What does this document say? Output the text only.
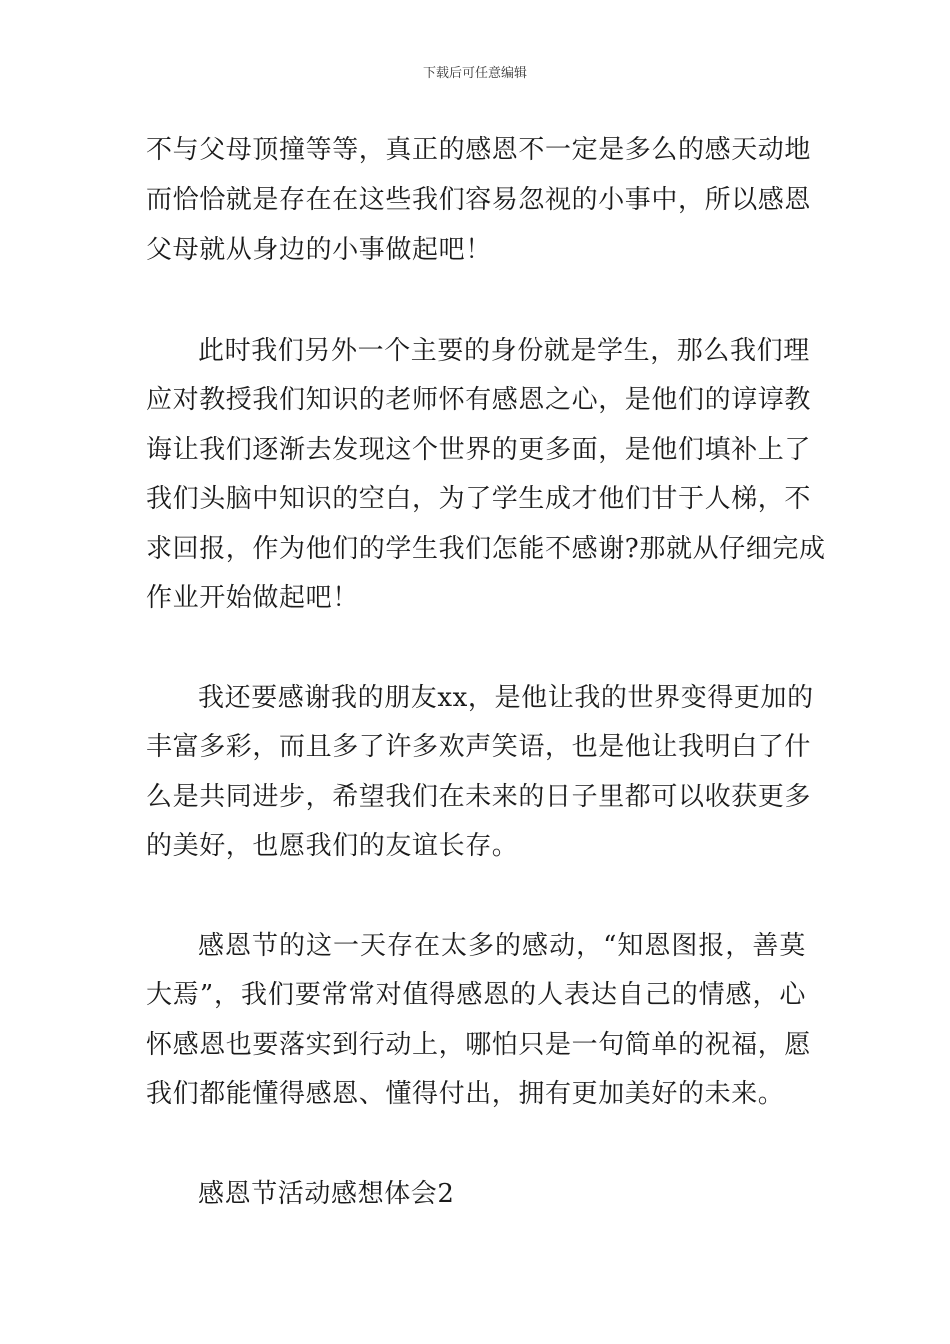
下载后可任意编辑
不与父母顶撞等等，真正的感恩不一定是多么的感天动地
而恰恰就是存在在这些我们容易忽视的小事中，所以感恩
父母就从身边的小事做起吧！
此时我们另外一个主要的身份就是学生，那么我们理
应对教授我们知识的老师怀有感恩之心，是他们的谆谆教
诲让我们逐渐去发现这个世界的更多面，是他们填补上了
我们头脑中知识的空白，为了学生成才他们甘于人梯，不
求回报，作为他们的学生我们怎能不感谢?那就从仔细完成
作业开始做起吧！
我还要感谢我的朋友xx，是他让我的世界变得更加的
丰富多彩，而且多了许多欢声笑语，也是他让我明白了什
么是共同进步，希望我们在未来的日子里都可以收获更多
的美好，也愿我们的友谊长存。
感恩节的这一天存在太多的感动，“知恩图报，善莫
大焉”，我们要常常对值得感恩的人表达自己的情感，心
怀感恩也要落实到行动上，哪怕只是一句简单的祝福，愿
我们都能懂得感恩、懂得付出，拥有更加美好的未来。
感恩节活动感想体会2
